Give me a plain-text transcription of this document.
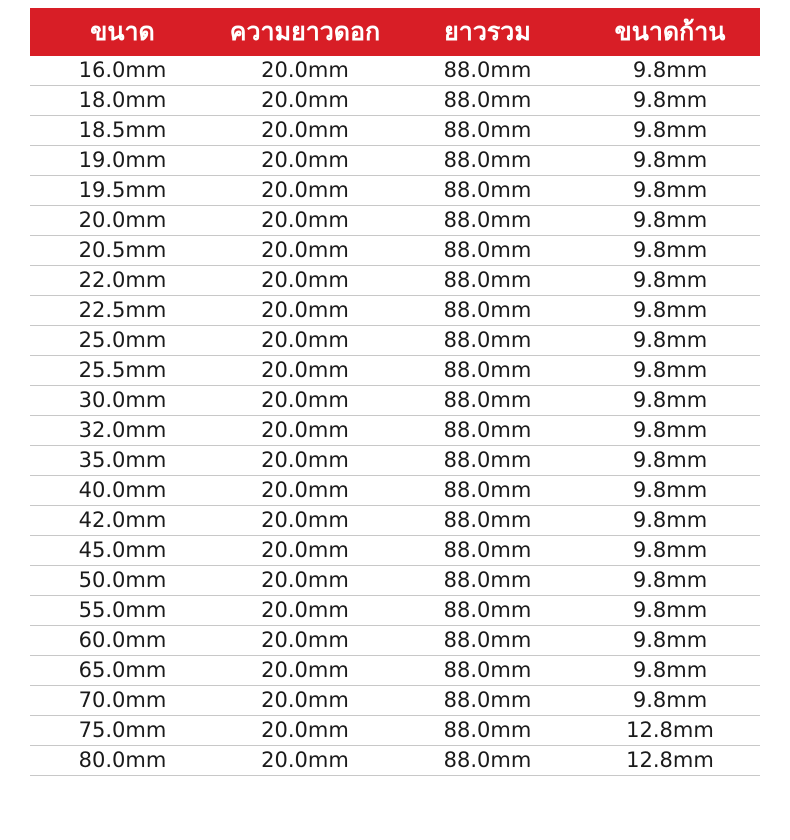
ขนาด	ความยาวดอก	ยาวรวม	ขนาดก้าน
16.0mm	20.0mm	88.0mm	9.8mm
18.0mm	20.0mm	88.0mm	9.8mm
18.5mm	20.0mm	88.0mm	9.8mm
19.0mm	20.0mm	88.0mm	9.8mm
19.5mm	20.0mm	88.0mm	9.8mm
20.0mm	20.0mm	88.0mm	9.8mm
20.5mm	20.0mm	88.0mm	9.8mm
22.0mm	20.0mm	88.0mm	9.8mm
22.5mm	20.0mm	88.0mm	9.8mm
25.0mm	20.0mm	88.0mm	9.8mm
25.5mm	20.0mm	88.0mm	9.8mm
30.0mm	20.0mm	88.0mm	9.8mm
32.0mm	20.0mm	88.0mm	9.8mm
35.0mm	20.0mm	88.0mm	9.8mm
40.0mm	20.0mm	88.0mm	9.8mm
42.0mm	20.0mm	88.0mm	9.8mm
45.0mm	20.0mm	88.0mm	9.8mm
50.0mm	20.0mm	88.0mm	9.8mm
55.0mm	20.0mm	88.0mm	9.8mm
60.0mm	20.0mm	88.0mm	9.8mm
65.0mm	20.0mm	88.0mm	9.8mm
70.0mm	20.0mm	88.0mm	9.8mm
75.0mm	20.0mm	88.0mm	12.8mm
80.0mm	20.0mm	88.0mm	12.8mm
